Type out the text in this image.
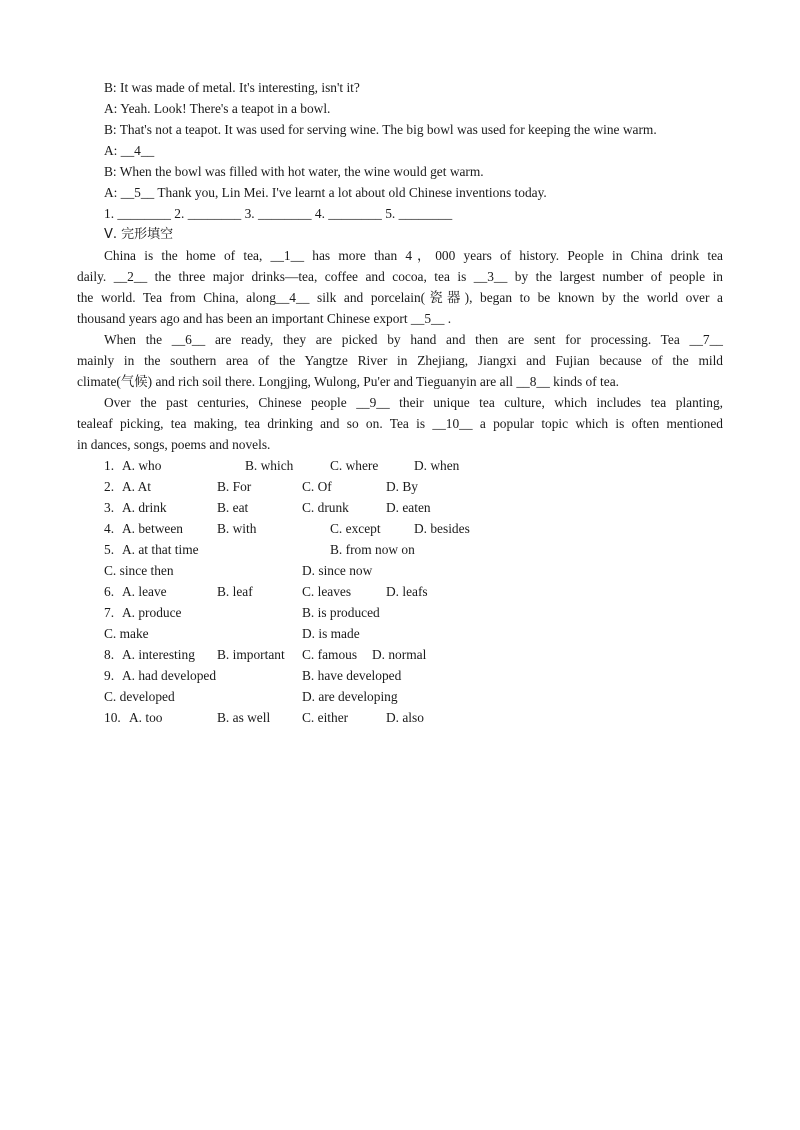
B: It was made of metal. It's interesting, isn't it?
A: Yeah. Look! There's a teapot in a bowl.
B: That's not a teapot. It was used for serving wine. The big bowl was used for keeping the wine warm.
A: __4__
B: When the bowl was filled with hot water, the wine would get warm.
A: __5__ Thank you, Lin Mei. I've learnt a lot about old Chinese inventions today.
1. ________ 2. ________ 3. ________ 4. ________ 5. ________
Ⅴ. 完形填空
China is the home of tea, __1__ has more than 4，000 years of history. People in China drink tea
daily. __2__ the three major drinks—tea, coffee and cocoa, tea is __3__ by the largest number of people in
the world. Tea from China, along__4__ silk and porcelain(瓷器), began to be known by the world over a
thousand years ago and has been an important Chinese export __5__ .
When the __6__ are ready, they are picked by hand and then are sent for processing. Tea __7__
mainly in the southern area of the Yangtze River in Zhejiang, Jiangxi and Fujian because of the mild
climate(气候) and rich soil there. Longjing, Wulong, Pu'er and Tieguanyin are all __8__ kinds of tea.
Over the past centuries, Chinese people __9__ their unique tea culture, which includes tea planting,
tealeaf picking, tea making, tea drinking and so on. Tea is __10__ a popular topic which is often mentioned
in dances, songs, poems and novels.
1. A. who	B. which	C. where	D. when
2. A. At	B. For	C. Of	D. By
3. A. drink	B. eat	C. drunk	D. eaten
4. A. between	B. with	C. except D. besides
5. A. at that time	B. from now on
C. since then	D. since now
6. A. leave	B. leaf	C. leaves	D. leafs
7. A. produce	B. is produced
C. make	D. is made
8. A. interesting B. important C. famous D. normal
9. A. had developed	B. have developed
C. developed	D. are developing
10. A. too	B. as well C. either	D. also
